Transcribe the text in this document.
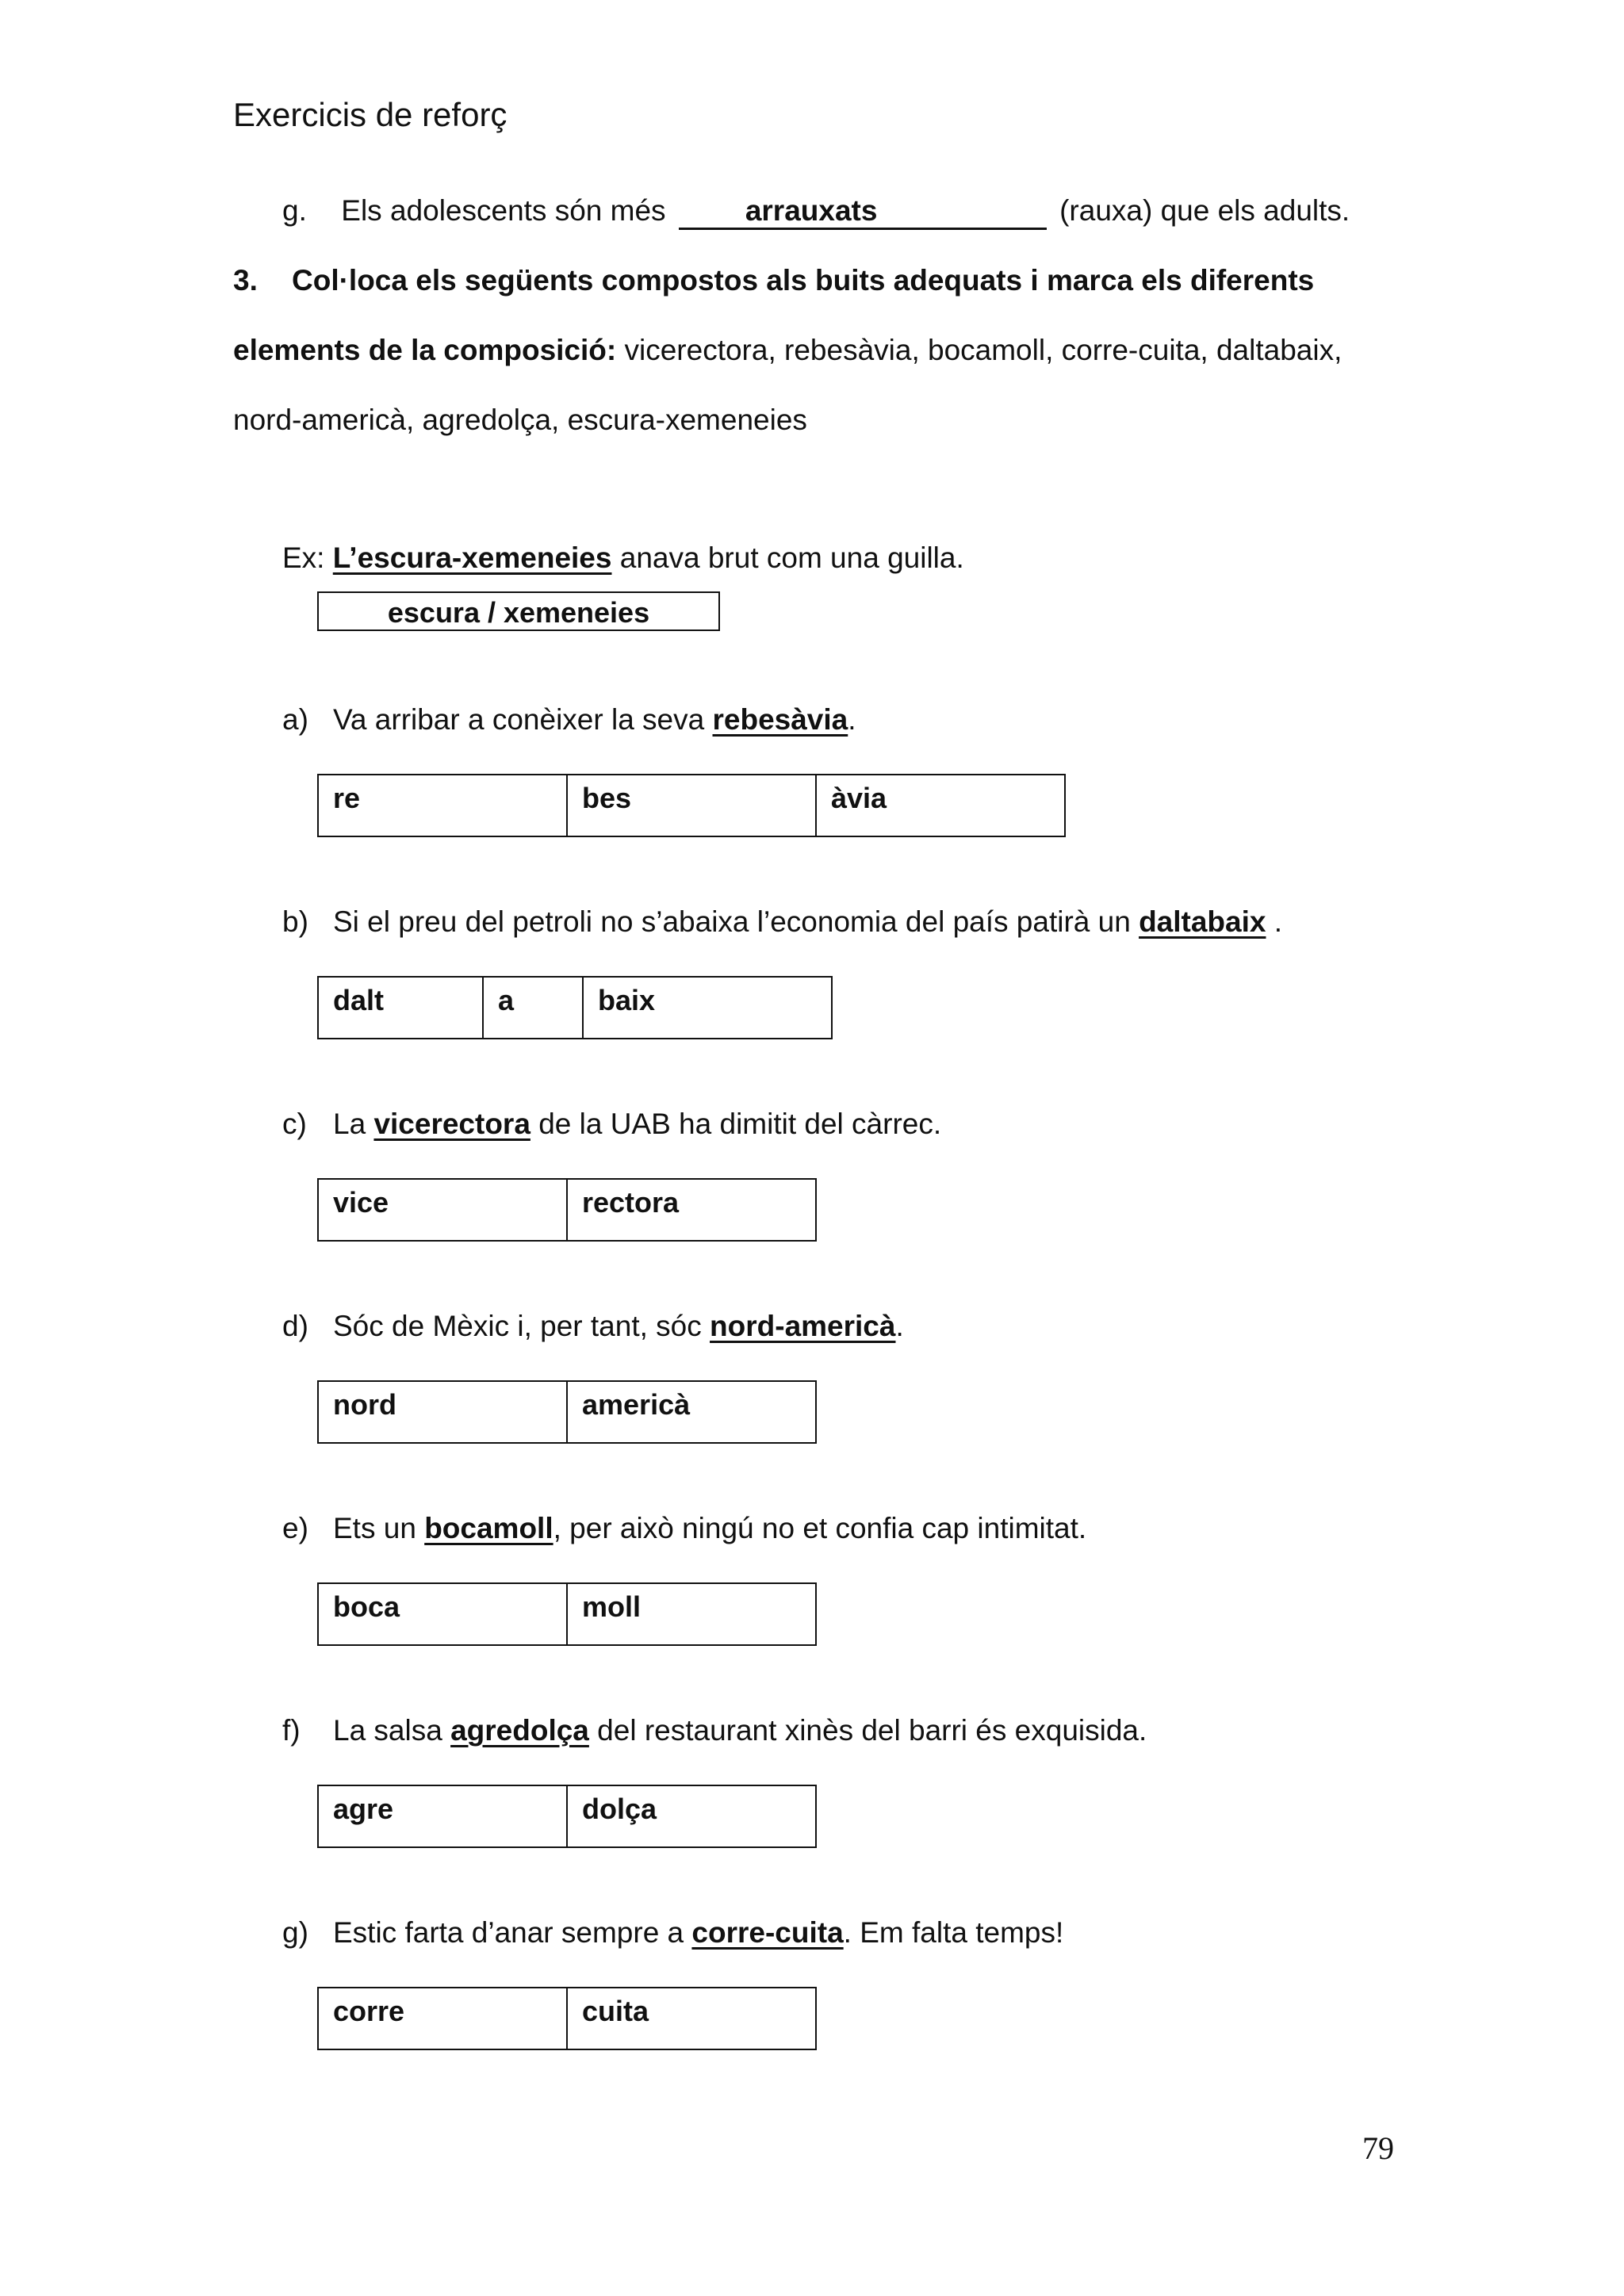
Exercicis de reforç
g. Els adolescents són més	arrauxats	(rauxa) que els adults.
3. Col·loca els següents compostos als buits adequats i marca els diferents
elements de la composició: vicerectora, rebesàvia, bocamoll, corre-cuita, daltabaix,
nord-americà, agredolça, escura-xemeneies
Ex: L’escura-xemeneies anava brut com una guilla.
escura / xemeneies
a) Va arribar a conèixer la seva rebesàvia.
re	bes	àvia
b) Si el preu del petroli no s’abaixa l’economia del país patirà un daltabaix .
dalt	a	baix
c) La vicerectora de la UAB ha dimitit del càrrec.
vice	rectora
d) Sóc de Mèxic i, per tant, sóc nord-americà.
nord	americà
e) Ets un bocamoll, per això ningú no et confia cap intimitat.
boca	moll
f) La salsa agredolça del restaurant xinès del barri és exquisida.
agre	dolça
g) Estic farta d’anar sempre a corre-cuita. Em falta temps!
corre	cuita
79
